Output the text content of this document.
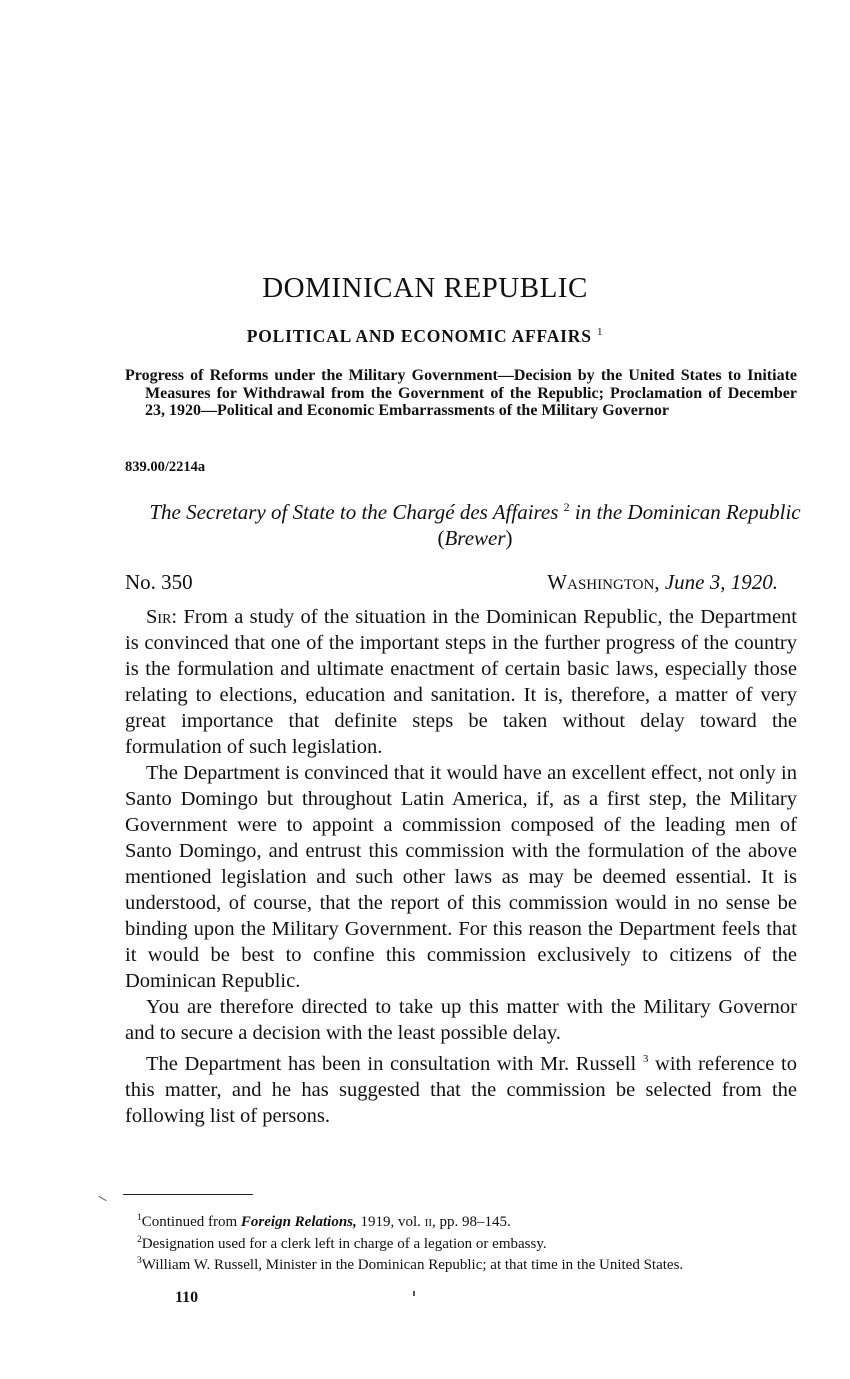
DOMINICAN REPUBLIC
POLITICAL AND ECONOMIC AFFAIRS $^1$
Progress of Reforms under the Military Government—Decision by the United States to Initiate Measures for Withdrawal from the Government of the Republic; Proclamation of December 23, 1920—Political and Economic Embarrassments of the Military Governor
839.00/2214a
The Secretary of State to the Chargé des Affaires $^2$ in the Dominican Republic (Brewer)
No. 350	Washington, June 3, 1920.

Sir: From a study of the situation in the Dominican Republic, the Department is convinced that one of the important steps in the further progress of the country is the formulation and ultimate enactment of certain basic laws, especially those relating to elections, education and sanitation. It is, therefore, a matter of very great importance that definite steps be taken without delay toward the formulation of such legislation.

The Department is convinced that it would have an excellent effect, not only in Santo Domingo but throughout Latin America, if, as a first step, the Military Government were to appoint a commission composed of the leading men of Santo Domingo, and entrust this commission with the formulation of the above mentioned legislation and such other laws as may be deemed essential. It is understood, of course, that the report of this commission would in no sense be binding upon the Military Government. For this reason the Department feels that it would be best to confine this commission exclusively to citizens of the Dominican Republic.

You are therefore directed to take up this matter with the Military Governor and to secure a decision with the least possible delay.

The Department has been in consultation with Mr. Russell $^3$ with reference to this matter, and he has suggested that the commission be selected from the following list of persons.

$^1$Continued from Foreign Relations, 1919, vol. ii, pp. 98–145.

$^2$Designation used for a clerk left in charge of a legation or embassy.

$^3$William W. Russell, Minister in the Dominican Republic; at that time in the United States.

110
